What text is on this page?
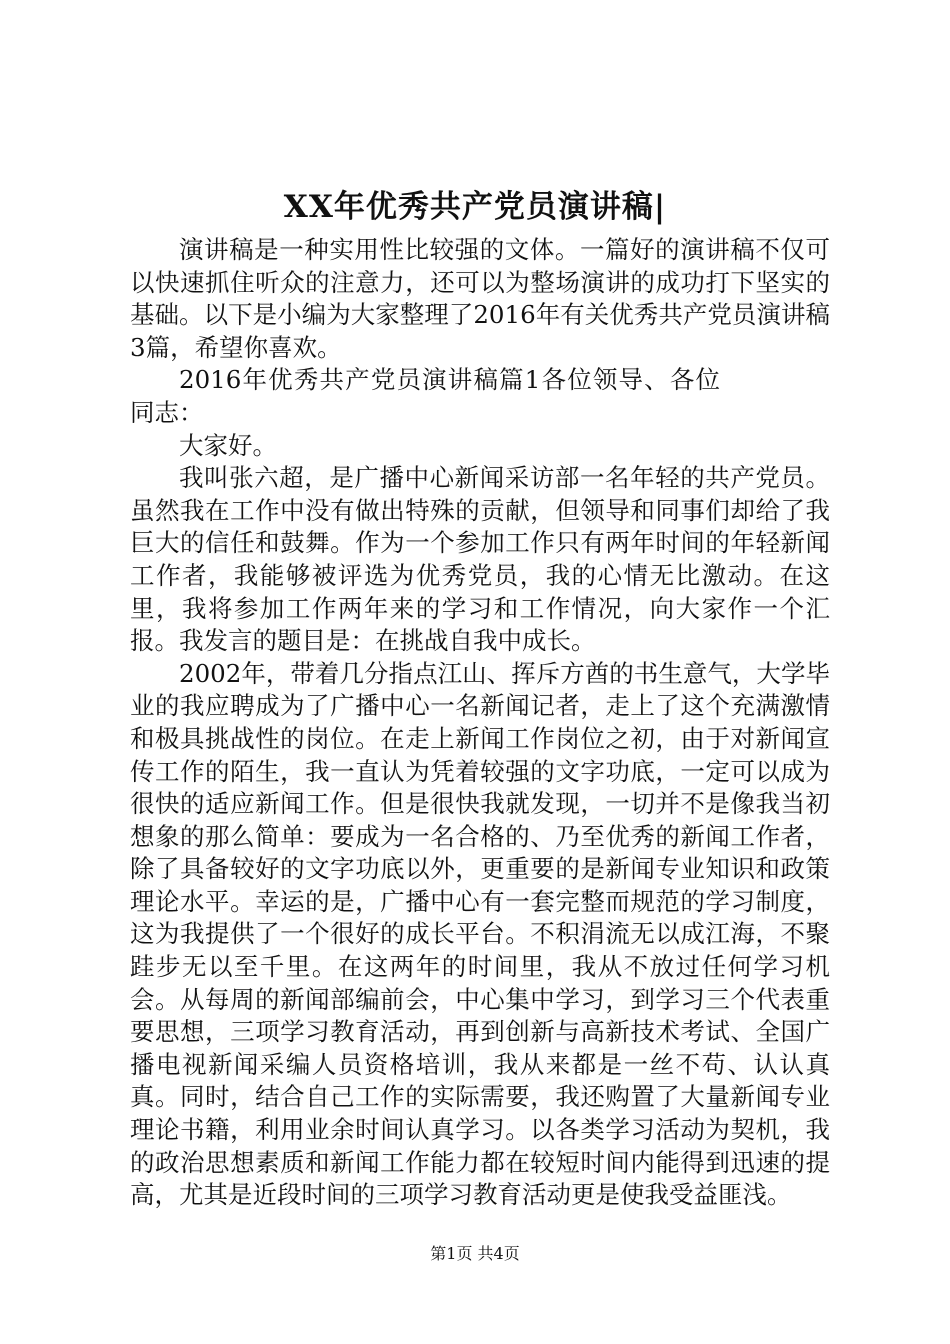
XX年优秀共产党员演讲稿|

演讲稿是一种实用性比较强的文体。一篇好的演讲稿不仅可以快速抓住听众的注意力，还可以为整场演讲的成功打下坚实的基础。以下是小编为大家整理了2016年有关优秀共产党员演讲稿3篇，希望你喜欢。

2016年优秀共产党员演讲稿篇1各位领导、各位同志：

大家好。

我叫张六超，是广播中心新闻采访部一名年轻的共产党员。虽然我在工作中没有做出特殊的贡献，但领导和同事们却给了我巨大的信任和鼓舞。作为一个参加工作只有两年时间的年轻新闻工作者，我能够被评选为优秀党员，我的心情无比激动。在这里，我将参加工作两年来的学习和工作情况，向大家作一个汇报。我发言的题目是：在挑战自我中成长。

2002年，带着几分指点江山、挥斥方酋的书生意气，大学毕业的我应聘成为了广播中心一名新闻记者，走上了这个充满激情和极具挑战性的岗位。在走上新闻工作岗位之初，由于对新闻宣传工作的陌生，我一直认为凭着较强的文字功底，一定可以成为很快的适应新闻工作。但是很快我就发现，一切并不是像我当初想象的那么简单：要成为一名合格的、乃至优秀的新闻工作者，除了具备较好的文字功底以外，更重要的是新闻专业知识和政策理论水平。幸运的是，广播中心有一套完整而规范的学习制度，这为我提供了一个很好的成长平台。不积涓流无以成江海，不聚跬步无以至千里。在这两年的时间里，我从不放过任何学习机会。从每周的新闻部编前会，中心集中学习，到学习三个代表重要思想，三项学习教育活动，再到创新与高新技术考试、全国广播电视新闻采编人员资格培训，我从来都是一丝不苟、认认真真。同时，结合自己工作的实际需要，我还购置了大量新闻专业理论书籍，利用业余时间认真学习。以各类学习活动为契机，我的政治思想素质和新闻工作能力都在较短时间内能得到迅速的提高，尤其是近段时间的三项学习教育活动更是使我受益匪浅。

第1页 共4页
